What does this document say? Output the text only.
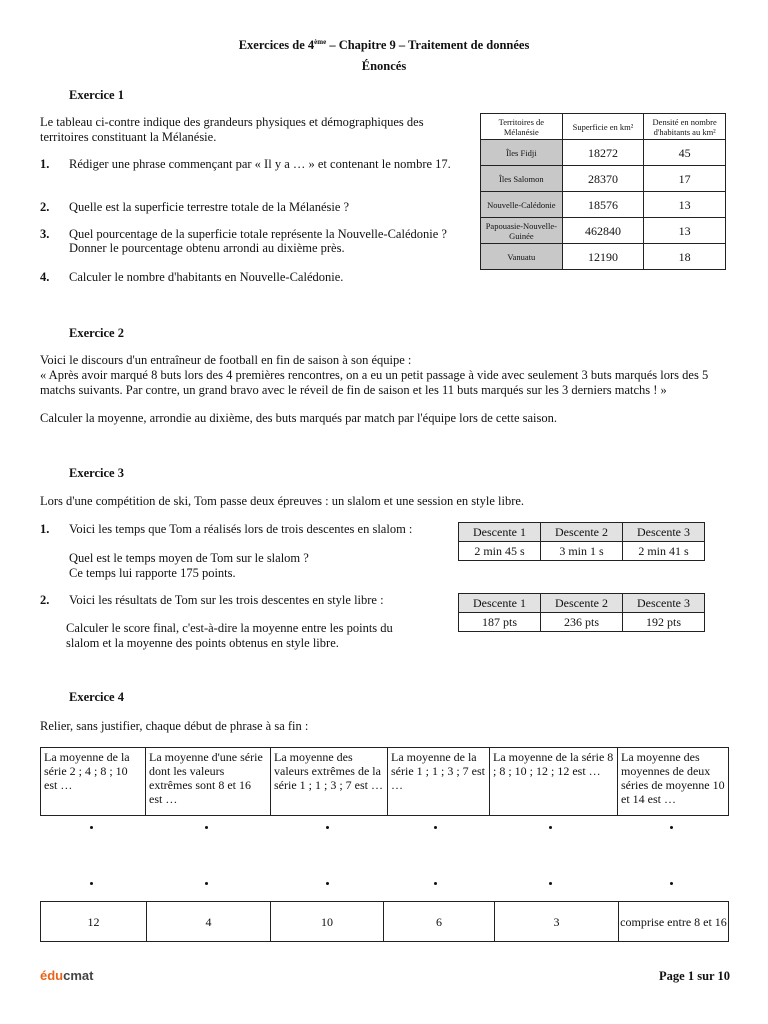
Exercices de 4ème – Chapitre 9 – Traitement de données
Énoncés
Exercice 1

Le tableau ci-contre indique des grandeurs physiques et démographiques des territoires constituant la Mélanésie.

1.	Rédiger une phrase commençant par « Il y a … » et contenant le nombre 17.

2. Quelle est la superficie terrestre totale de la Mélanésie ?

3. Quel pourcentage de la superficie totale représente la Nouvelle-Calédonie ?

Donner le pourcentage obtenu arrondi au dixième près.

4. Calculer le nombre d'habitants en Nouvelle-Calédonie.

Territoires de Mélanésie	Superficie en km²	Densité en nombre d'habitants au km²
Îles Fidji	18272	45
Îles Salomon	28370	17
Nouvelle-Calédonie	18576	13
Papouasie-Nouvelle-Guinée	462840	13
Vanuatu	12190	18
Exercice 2

Voici le discours d'un entraîneur de football en fin de saison à son équipe :

« Après avoir marqué 8 buts lors des 4 premières rencontres, on a eu un petit passage à vide avec seulement 3 buts marqués lors des 5 matchs suivants. Par contre, un grand bravo avec le réveil de fin de saison et les 11 buts marqués sur les 3 derniers matchs ! »

Calculer la moyenne, arrondie au dixième, des buts marqués par match par l'équipe lors de cette saison.

Exercice 3

Lors d'une compétition de ski, Tom passe deux épreuves : un slalom et une session en style libre.

1. Voici les temps que Tom a réalisés lors de trois descentes en slalom :

Quel est le temps moyen de Tom sur le slalom ?

Ce temps lui rapporte 175 points.

Descente 1	Descente 2	Descente 3
2 min 45 s	3 min 1 s	2 min 41 s
2. Voici les résultats de Tom sur les trois descentes en style libre :

Calculer le score final, c'est-à-dire la moyenne entre les points du slalom et la moyenne des points obtenus en style libre.

Descente 1	Descente 2	Descente 3
187 pts	236 pts	192 pts
Exercice 4

Relier, sans justifier, chaque début de phrase à sa fin :

La moyenne de la série 2 ; 4 ; 8 ; 10 est …	La moyenne d'une série dont les valeurs extrêmes sont 8 et 16 est …	La moyenne des valeurs extrêmes de la série 1 ; 1 ; 3 ; 7 est …	La moyenne de la série 1 ; 1 ; 3 ; 7 est …	La moyenne de la série 8 ; 8 ; 10 ; 12 ; 12 est …	La moyenne des moyennes de deux séries de moyenne 10 et 14 est …
12	4	10	6	3	comprise entre 8 et 16
éducmat	Page 1 sur 10
